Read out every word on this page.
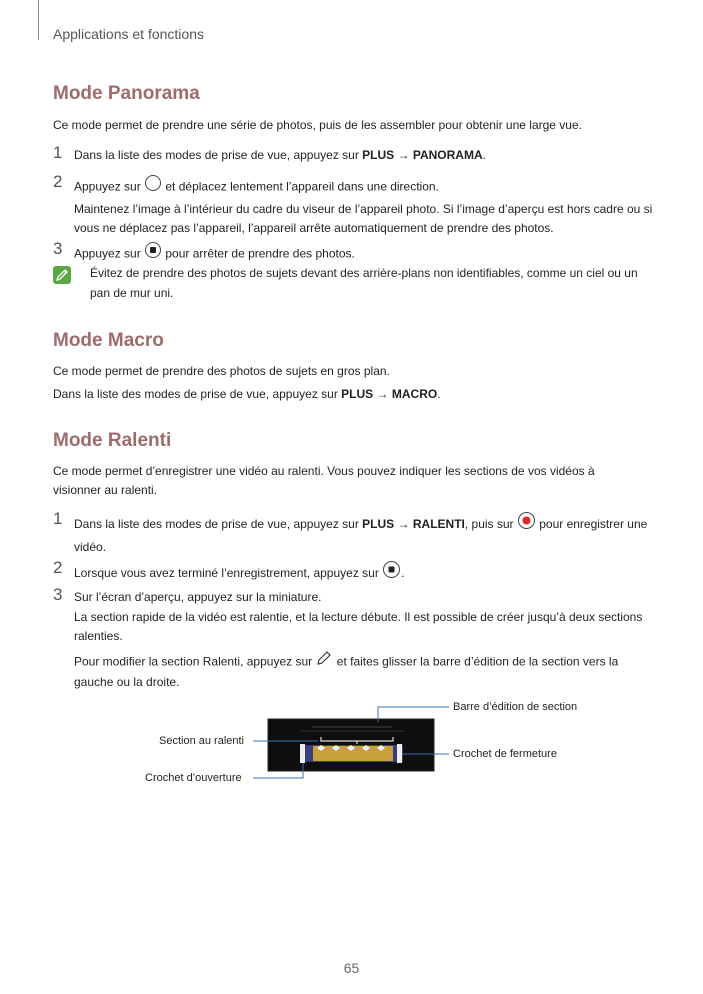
Applications et fonctions
Mode Panorama
Ce mode permet de prendre une série de photos, puis de les assembler pour obtenir une large vue.
1 Dans la liste des modes de prise de vue, appuyez sur PLUS → PANORAMA.
2 Appuyez sur  et déplacez lentement l’appareil dans une direction.
Maintenez l’image à l’intérieur du cadre du viseur de l’appareil photo. Si l’image d’aperçu est hors cadre ou si vous ne déplacez pas l’appareil, l’appareil arrête automatiquement de prendre des photos.
3 Appuyez sur  pour arrêter de prendre des photos.
Évitez de prendre des photos de sujets devant des arrière-plans non identifiables, comme un ciel ou un pan de mur uni.
Mode Macro
Ce mode permet de prendre des photos de sujets en gros plan.
Dans la liste des modes de prise de vue, appuyez sur PLUS → MACRO.
Mode Ralenti
Ce mode permet d’enregistrer une vidéo au ralenti. Vous pouvez indiquer les sections de vos vidéos à visionner au ralenti.
1 Dans la liste des modes de prise de vue, appuyez sur PLUS → RALENTI, puis sur  pour enregistrer une vidéo.
2 Lorsque vous avez terminé l’enregistrement, appuyez sur .
3 Sur l’écran d’aperçu, appuyez sur la miniature.
La section rapide de la vidéo est ralentie, et la lecture débute. Il est possible de créer jusqu’à deux sections ralenties.
Pour modifier la section Ralenti, appuyez sur  et faites glisser la barre d’édition de la section vers la gauche ou la droite.
Barre d’édition de section
Section au ralenti
Crochet de fermeture
Crochet d’ouverture
65
